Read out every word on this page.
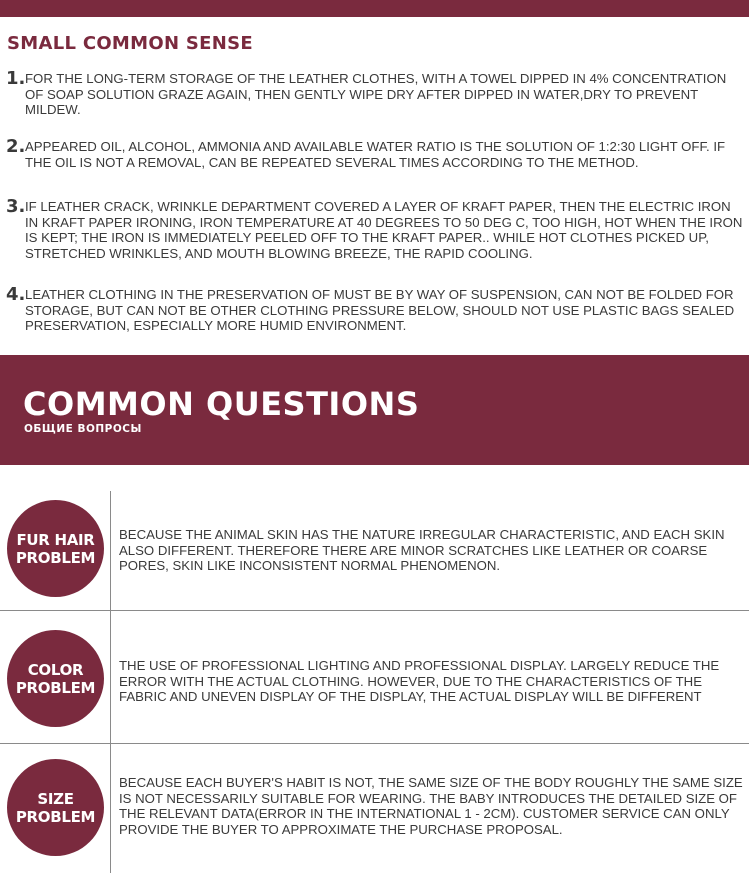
SMALL COMMON SENSE
1. FOR THE LONG-TERM STORAGE OF THE LEATHER CLOTHES, WITH A TOWEL DIPPED IN 4% CONCENTRATION OF SOAP SOLUTION GRAZE AGAIN, THEN GENTLY WIPE DRY AFTER DIPPED IN WATER,DRY TO PREVENT MILDEW.
2. APPEARED OIL, ALCOHOL, AMMONIA AND AVAILABLE WATER RATIO IS THE SOLUTION OF 1:2:30 LIGHT OFF. IF THE OIL IS NOT A REMOVAL, CAN BE REPEATED SEVERAL TIMES ACCORDING TO THE METHOD.
3. IF LEATHER CRACK, WRINKLE DEPARTMENT COVERED A LAYER OF KRAFT PAPER, THEN THE ELECTRIC IRON IN KRAFT PAPER IRONING, IRON TEMPERATURE AT 40 DEGREES TO 50 DEG C, TOO HIGH, HOT WHEN THE IRON IS KEPT; THE IRON IS IMMEDIATELY PEELED OFF TO THE KRAFT PAPER.. WHILE HOT CLOTHES PICKED UP, STRETCHED WRINKLES, AND MOUTH BLOWING BREEZE, THE RAPID COOLING.
4. LEATHER CLOTHING IN THE PRESERVATION OF MUST BE BY WAY OF SUSPENSION, CAN NOT BE FOLDED FOR STORAGE, BUT CAN NOT BE OTHER CLOTHING PRESSURE BELOW, SHOULD NOT USE PLASTIC BAGS SEALED PRESERVATION, ESPECIALLY MORE HUMID ENVIRONMENT.
COMMON QUESTIONS
ОБЩИЕ ВОПРОСЫ
FUR HAIR
PROBLEM
BECAUSE THE ANIMAL SKIN HAS THE NATURE IRREGULAR CHARACTERISTIC, AND EACH SKIN ALSO DIFFERENT. THEREFORE THERE ARE MINOR SCRATCHES LIKE LEATHER OR COARSE PORES, SKIN LIKE INCONSISTENT NORMAL PHENOMENON.
COLOR
PROBLEM
THE USE OF PROFESSIONAL LIGHTING AND PROFESSIONAL DISPLAY. LARGELY REDUCE THE ERROR WITH THE ACTUAL CLOTHING. HOWEVER, DUE TO THE CHARACTERISTICS OF THE FABRIC AND UNEVEN DISPLAY OF THE DISPLAY, THE ACTUAL DISPLAY WILL BE DIFFERENT
SIZE
PROBLEM
BECAUSE EACH BUYER'S HABIT IS NOT, THE SAME SIZE OF THE BODY ROUGHLY THE SAME SIZE IS NOT NECESSARILY SUITABLE FOR WEARING. THE BABY INTRODUCES THE DETAILED SIZE OF THE RELEVANT DATA(ERROR IN THE INTERNATIONAL 1 - 2CM). CUSTOMER SERVICE CAN ONLY PROVIDE THE BUYER TO APPROXIMATE THE PURCHASE PROPOSAL.
